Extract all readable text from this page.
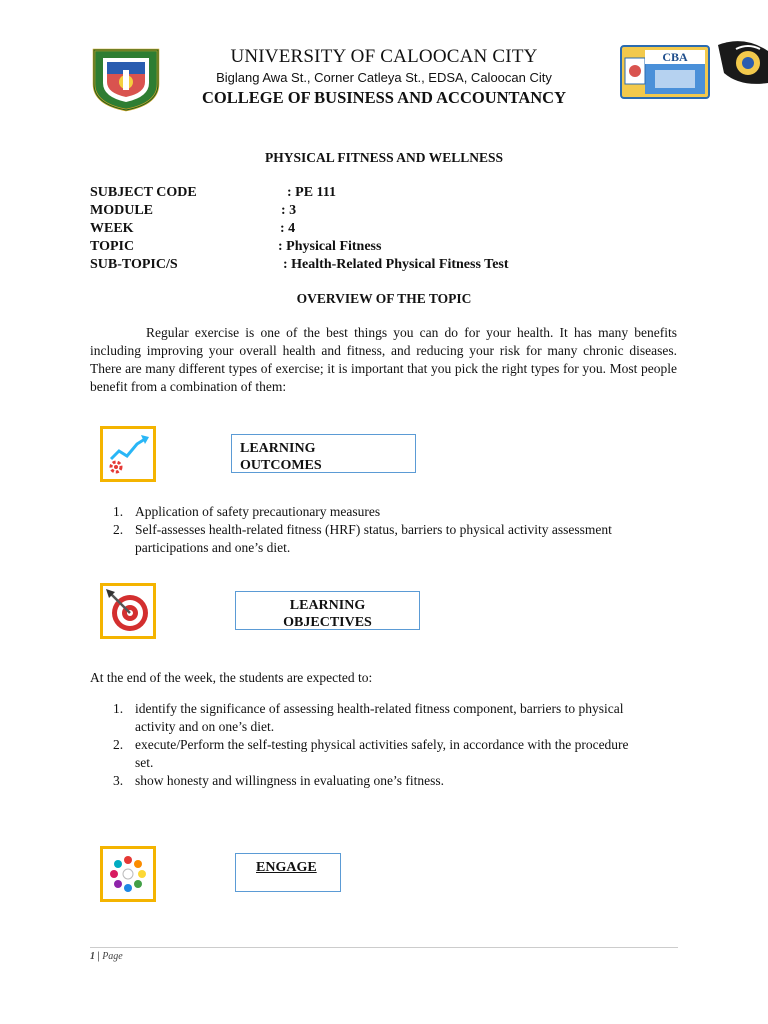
CBA
UNIVERSITY OF CALOOCAN CITY
Biglang Awa St., Corner Catleya St., EDSA, Caloocan City
COLLEGE OF BUSINESS AND ACCOUNTANCY
PHYSICAL FITNESS AND WELLNESS
SUBJECT CODE	: PE 111
MODULE	: 3
WEEK	: 4
TOPIC	: Physical Fitness
SUB-TOPIC/S	: Health-Related Physical Fitness Test
OVERVIEW OF THE TOPIC

Regular exercise is one of the best things you can do for your health. It has many benefits including improving your overall health and fitness, and reducing your risk for many chronic diseases. There are many different types of exercise; it is important that you pick the right types for you. Most people benefit from a combination of them:

LEARNING OUTCOMES
1. Application of safety precautionary measures
2. Self-assesses health-related fitness (HRF) status, barriers to physical activity assessment participations and one’s diet.
LEARNING OBJECTIVES
At the end of the week, the students are expected to:
1. identify the significance of assessing health-related fitness component, barriers to physical activity and on one’s diet.
2. execute/Perform the self-testing physical activities safely, in accordance with the procedure set.
3. show honesty and willingness in evaluating one’s fitness.
ENGAGE
1 | Page
